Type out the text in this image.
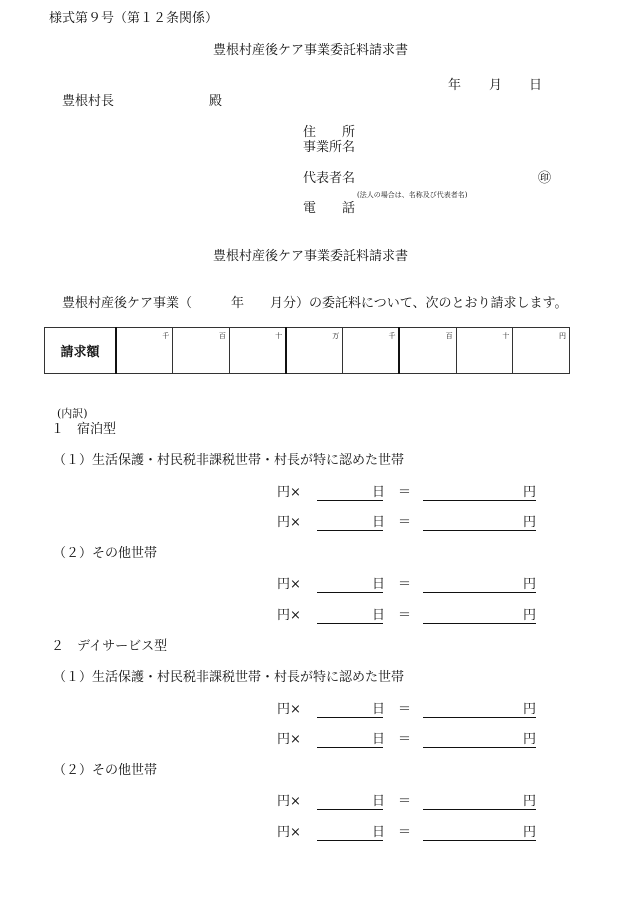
様式第９号（第１２条関係）
豊根村産後ケア事業委託料請求書
年 月 日
豊根村長	殿
住　　所
事業所名
代表者名	㊞
(法人の場合は、名称及び代表者名)
電　　話
豊根村産後ケア事業委託料請求書
豊根村産後ケア事業（　　　年　　月分）の委託料について、次のとおり請求します。
請求額	
千	百	十	万	千	百	十	円
(内訳)
１　宿泊型
（１）生活保護・村民税非課税世帯・村長が特に認めた世帯
円×	日 ＝	円
円×	日 ＝	円
（２）その他世帯
円×	日 ＝	円
円×	日 ＝	円
２　デイサービス型
（１）生活保護・村民税非課税世帯・村長が特に認めた世帯
円×	日 ＝	円
円×	日 ＝	円
（２）その他世帯
円×	日 ＝	円
円×	日 ＝	円
